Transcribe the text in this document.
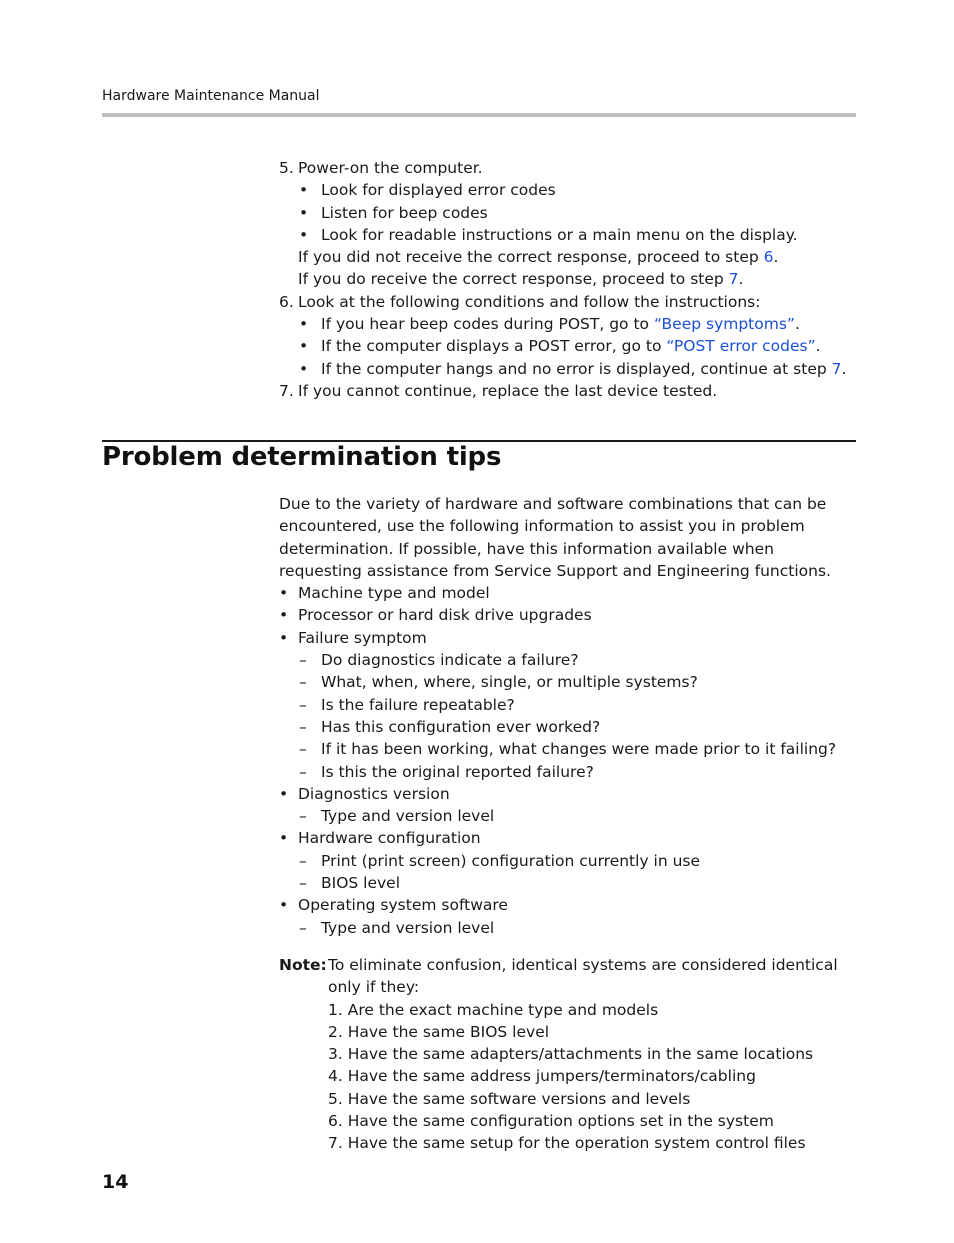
Hardware Maintenance Manual
5. Power-on the computer.
• Look for displayed error codes
• Listen for beep codes
• Look for readable instructions or a main menu on the display.
If you did not receive the correct response, proceed to step 6.
If you do receive the correct response, proceed to step 7.
6. Look at the following conditions and follow the instructions:
• If you hear beep codes during POST, go to “Beep symptoms”.
• If the computer displays a POST error, go to “POST error codes”.
• If the computer hangs and no error is displayed, continue at step 7.
7. If you cannot continue, replace the last device tested.
Problem determination tips
Due to the variety of hardware and software combinations that can be
encountered, use the following information to assist you in problem
determination. If possible, have this information available when
requesting assistance from Service Support and Engineering functions.
• Machine type and model
• Processor or hard disk drive upgrades
• Failure symptom
– Do diagnostics indicate a failure?
– What, when, where, single, or multiple systems?
– Is the failure repeatable?
– Has this configuration ever worked?
– If it has been working, what changes were made prior to it failing?
– Is this the original reported failure?
• Diagnostics version
– Type and version level
• Hardware configuration
– Print (print screen) configuration currently in use
– BIOS level
• Operating system software
– Type and version level
Note: To eliminate confusion, identical systems are considered identical
only if they:
1. Are the exact machine type and models
2. Have the same BIOS level
3. Have the same adapters/attachments in the same locations
4. Have the same address jumpers/terminators/cabling
5. Have the same software versions and levels
6. Have the same configuration options set in the system
7. Have the same setup for the operation system control files
14
